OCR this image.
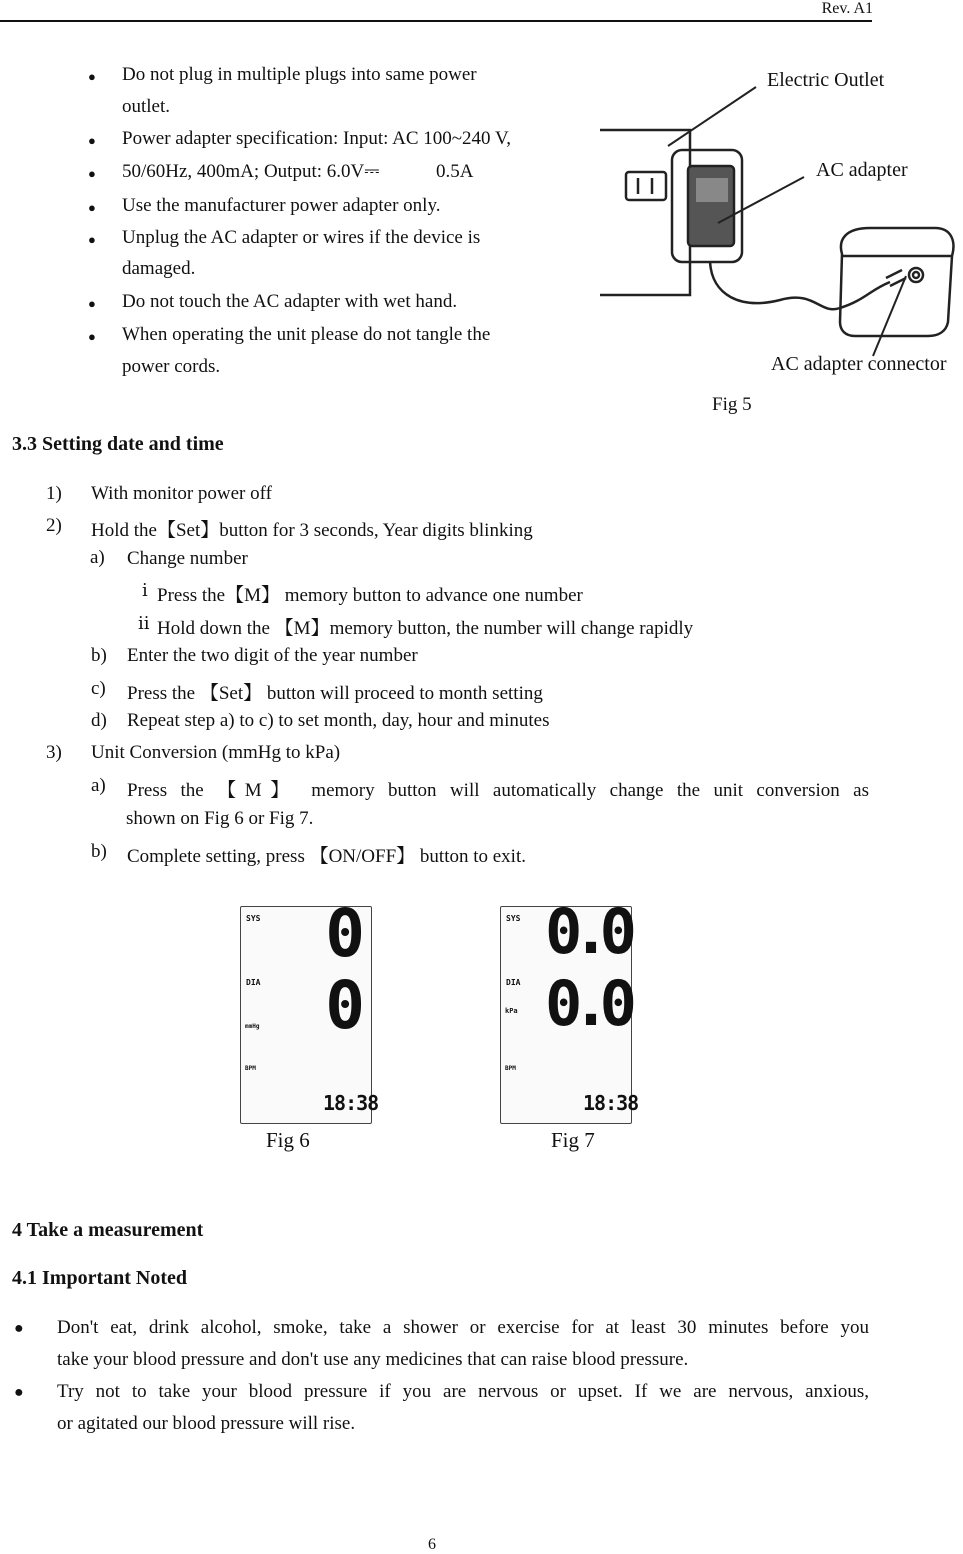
Rev. A1
● Do not plug in multiple plugs into same power
outlet.
● Power adapter specification: Input: AC 100~240 V,
● 50/60Hz, 400mA; Output: 6.0V⎓	0.5A
● Use the manufacturer power adapter only.
● Unplug the AC adapter or wires if the device is
damaged.
● Do not touch the AC adapter with wet hand.
● When operating the unit please do not tangle the
power cords.
Electric Outlet
AC adapter
AC adapter connector
Fig 5
3.3 Setting date and time
1) With monitor power off
2) Hold the【Set】button for 3 seconds, Year digits blinking
a) Change number
ⅰ Press the【M】 memory button to advance one number
ⅱ Hold down the 【M】memory button, the number will change rapidly
b) Enter the two digit of the year number
c) Press the 【Set】 button will proceed to month setting
d) Repeat step a) to c) to set month, day, hour and minutes
3) Unit Conversion (mmHg to kPa)
a) Press the 【M】 memory button will automatically change the unit conversion as
shown on Fig 6 or Fig 7.
b) Complete setting, press 【ON/OFF】 button to exit.
SYS
DIA
mmHg
BPM
0
0
18:38
Fig 6
SYS
DIA
kPa
BPM
0.0
0.0
18:38
Fig 7
4 Take a measurement
4.1 Important Noted
● Don't eat, drink alcohol, smoke, take a shower or exercise for at least 30 minutes before you
take your blood pressure and don't use any medicines that can raise blood pressure.
● Try not to take your blood pressure if you are nervous or upset. If we are nervous, anxious,
or agitated our blood pressure will rise.
6
